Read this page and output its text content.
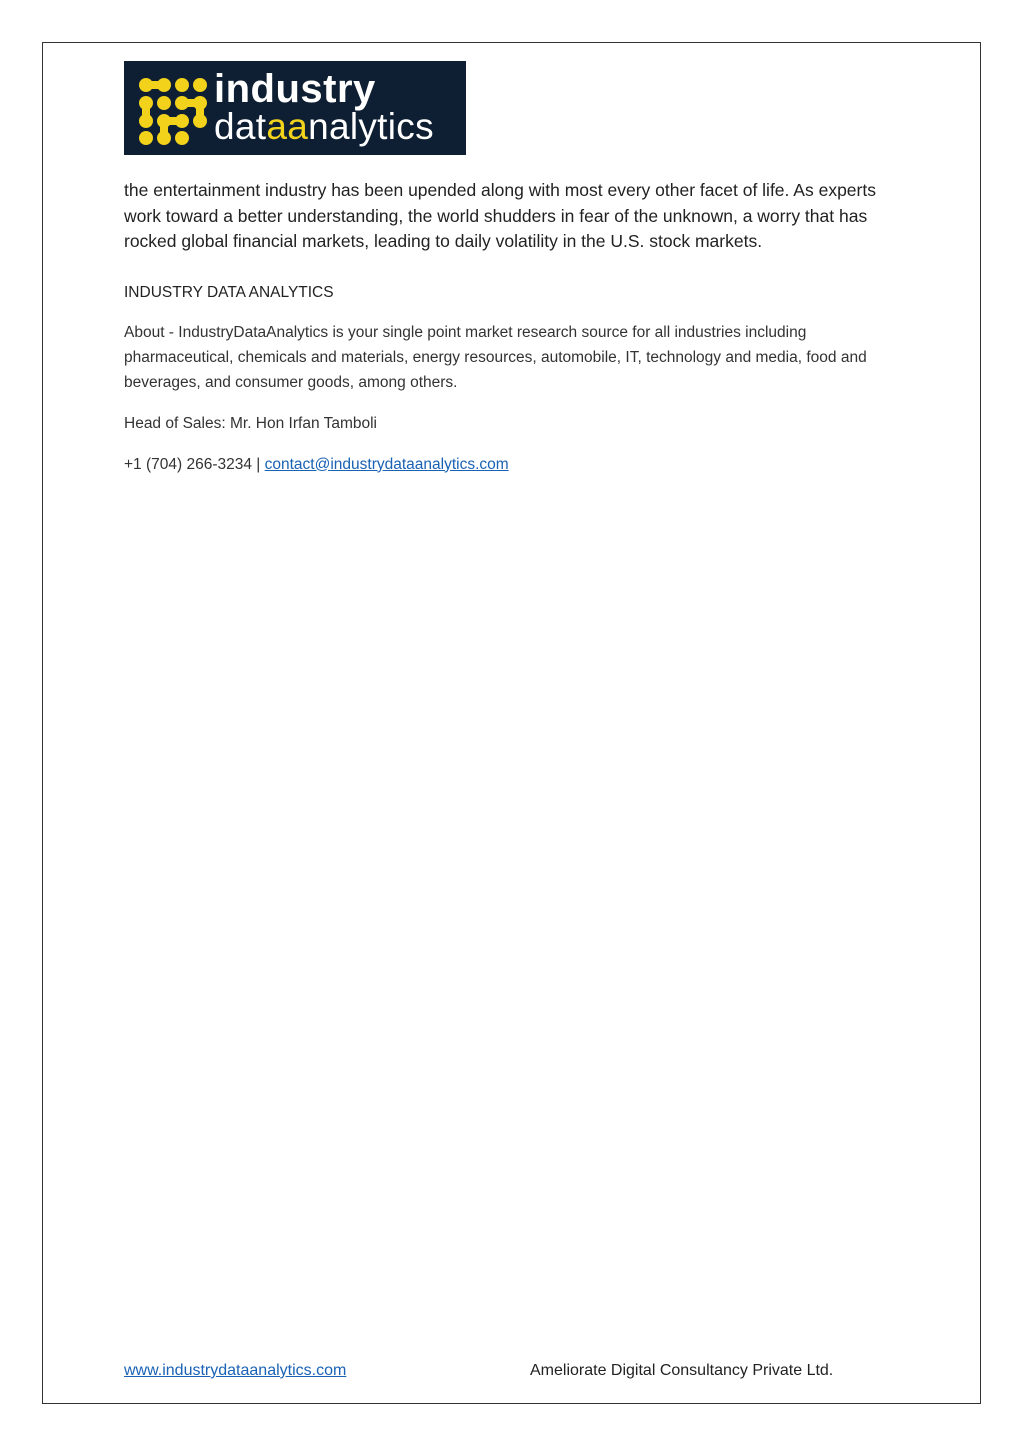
industry
dataanalytics

the entertainment industry has been upended along with most every other facet of life. As experts work toward a better understanding, the world shudders in fear of the unknown, a worry that has rocked global financial markets, leading to daily volatility in the U.S. stock markets.

INDUSTRY DATA ANALYTICS

About - IndustryDataAnalytics is your single point market research source for all industries including pharmaceutical, chemicals and materials, energy resources, automobile, IT, technology and media, food and beverages, and consumer goods, among others.

Head of Sales: Mr. Hon Irfan Tamboli

+1 (704) 266-3234 | contact@industrydataanalytics.com

www.industrydataanalytics.com	Ameliorate Digital Consultancy Private Ltd.
